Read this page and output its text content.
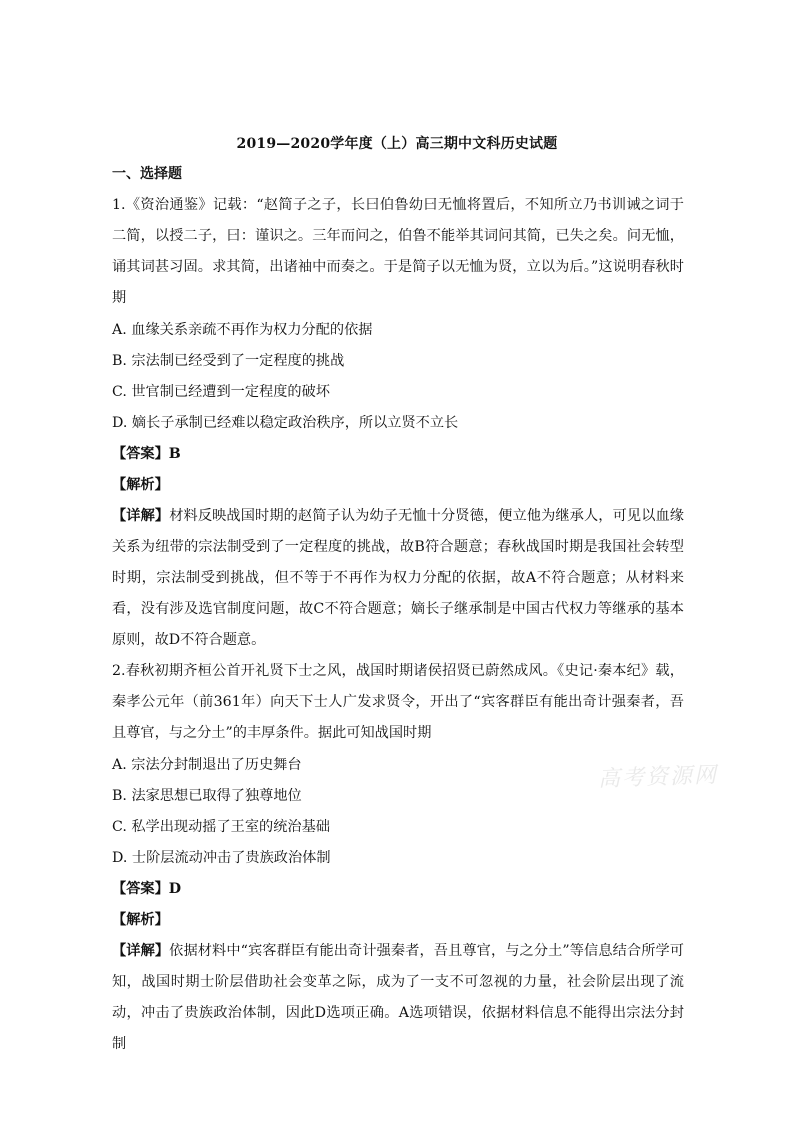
2019—2020学年度（上）高三期中文科历史试题
一、选择题
1.《资治通鉴》记载：“赵简子之子，长曰伯鲁幼曰无恤将置后，不知所立乃书训诫之词于二简，以授二子，曰：谨识之。三年而问之，伯鲁不能举其词问其简，已失之矣。问无恤，诵其词甚习固。求其简，出诸袖中而奏之。于是简子以无恤为贤，立以为后。”这说明春秋时期
A. 血缘关系亲疏不再作为权力分配的依据
B. 宗法制已经受到了一定程度的挑战
C. 世官制已经遭到一定程度的破坏
D. 嫡长子承制已经难以稳定政治秩序，所以立贤不立长
【答案】B
【解析】
【详解】材料反映战国时期的赵简子认为幼子无恤十分贤德，便立他为继承人，可见以血缘关系为纽带的宗法制受到了一定程度的挑战，故B符合题意；春秋战国时期是我国社会转型时期，宗法制受到挑战，但不等于不再作为权力分配的依据，故A不符合题意；从材料来看，没有涉及选官制度问题，故C不符合题意；嫡长子继承制是中国古代权力等继承的基本原则，故D不符合题意。
2.春秋初期齐桓公首开礼贤下士之风，战国时期诸侯招贤已蔚然成风。《史记·秦本纪》载，秦孝公元年（前361年）向天下士人广发求贤令，开出了“宾客群臣有能出奇计强秦者，吾且尊官，与之分土”的丰厚条件。据此可知战国时期
A. 宗法分封制退出了历史舞台
B. 法家思想已取得了独尊地位
C. 私学出现动摇了王室的统治基础
D. 士阶层流动冲击了贵族政治体制
【答案】D
【解析】
【详解】依据材料中“宾客群臣有能出奇计强秦者，吾且尊官，与之分土”等信息结合所学可知，战国时期士阶层借助社会变革之际，成为了一支不可忽视的力量，社会阶层出现了流动，冲击了贵族政治体制，因此D选项正确。A选项错误，依据材料信息不能得出宗法分封制
高考资源网
